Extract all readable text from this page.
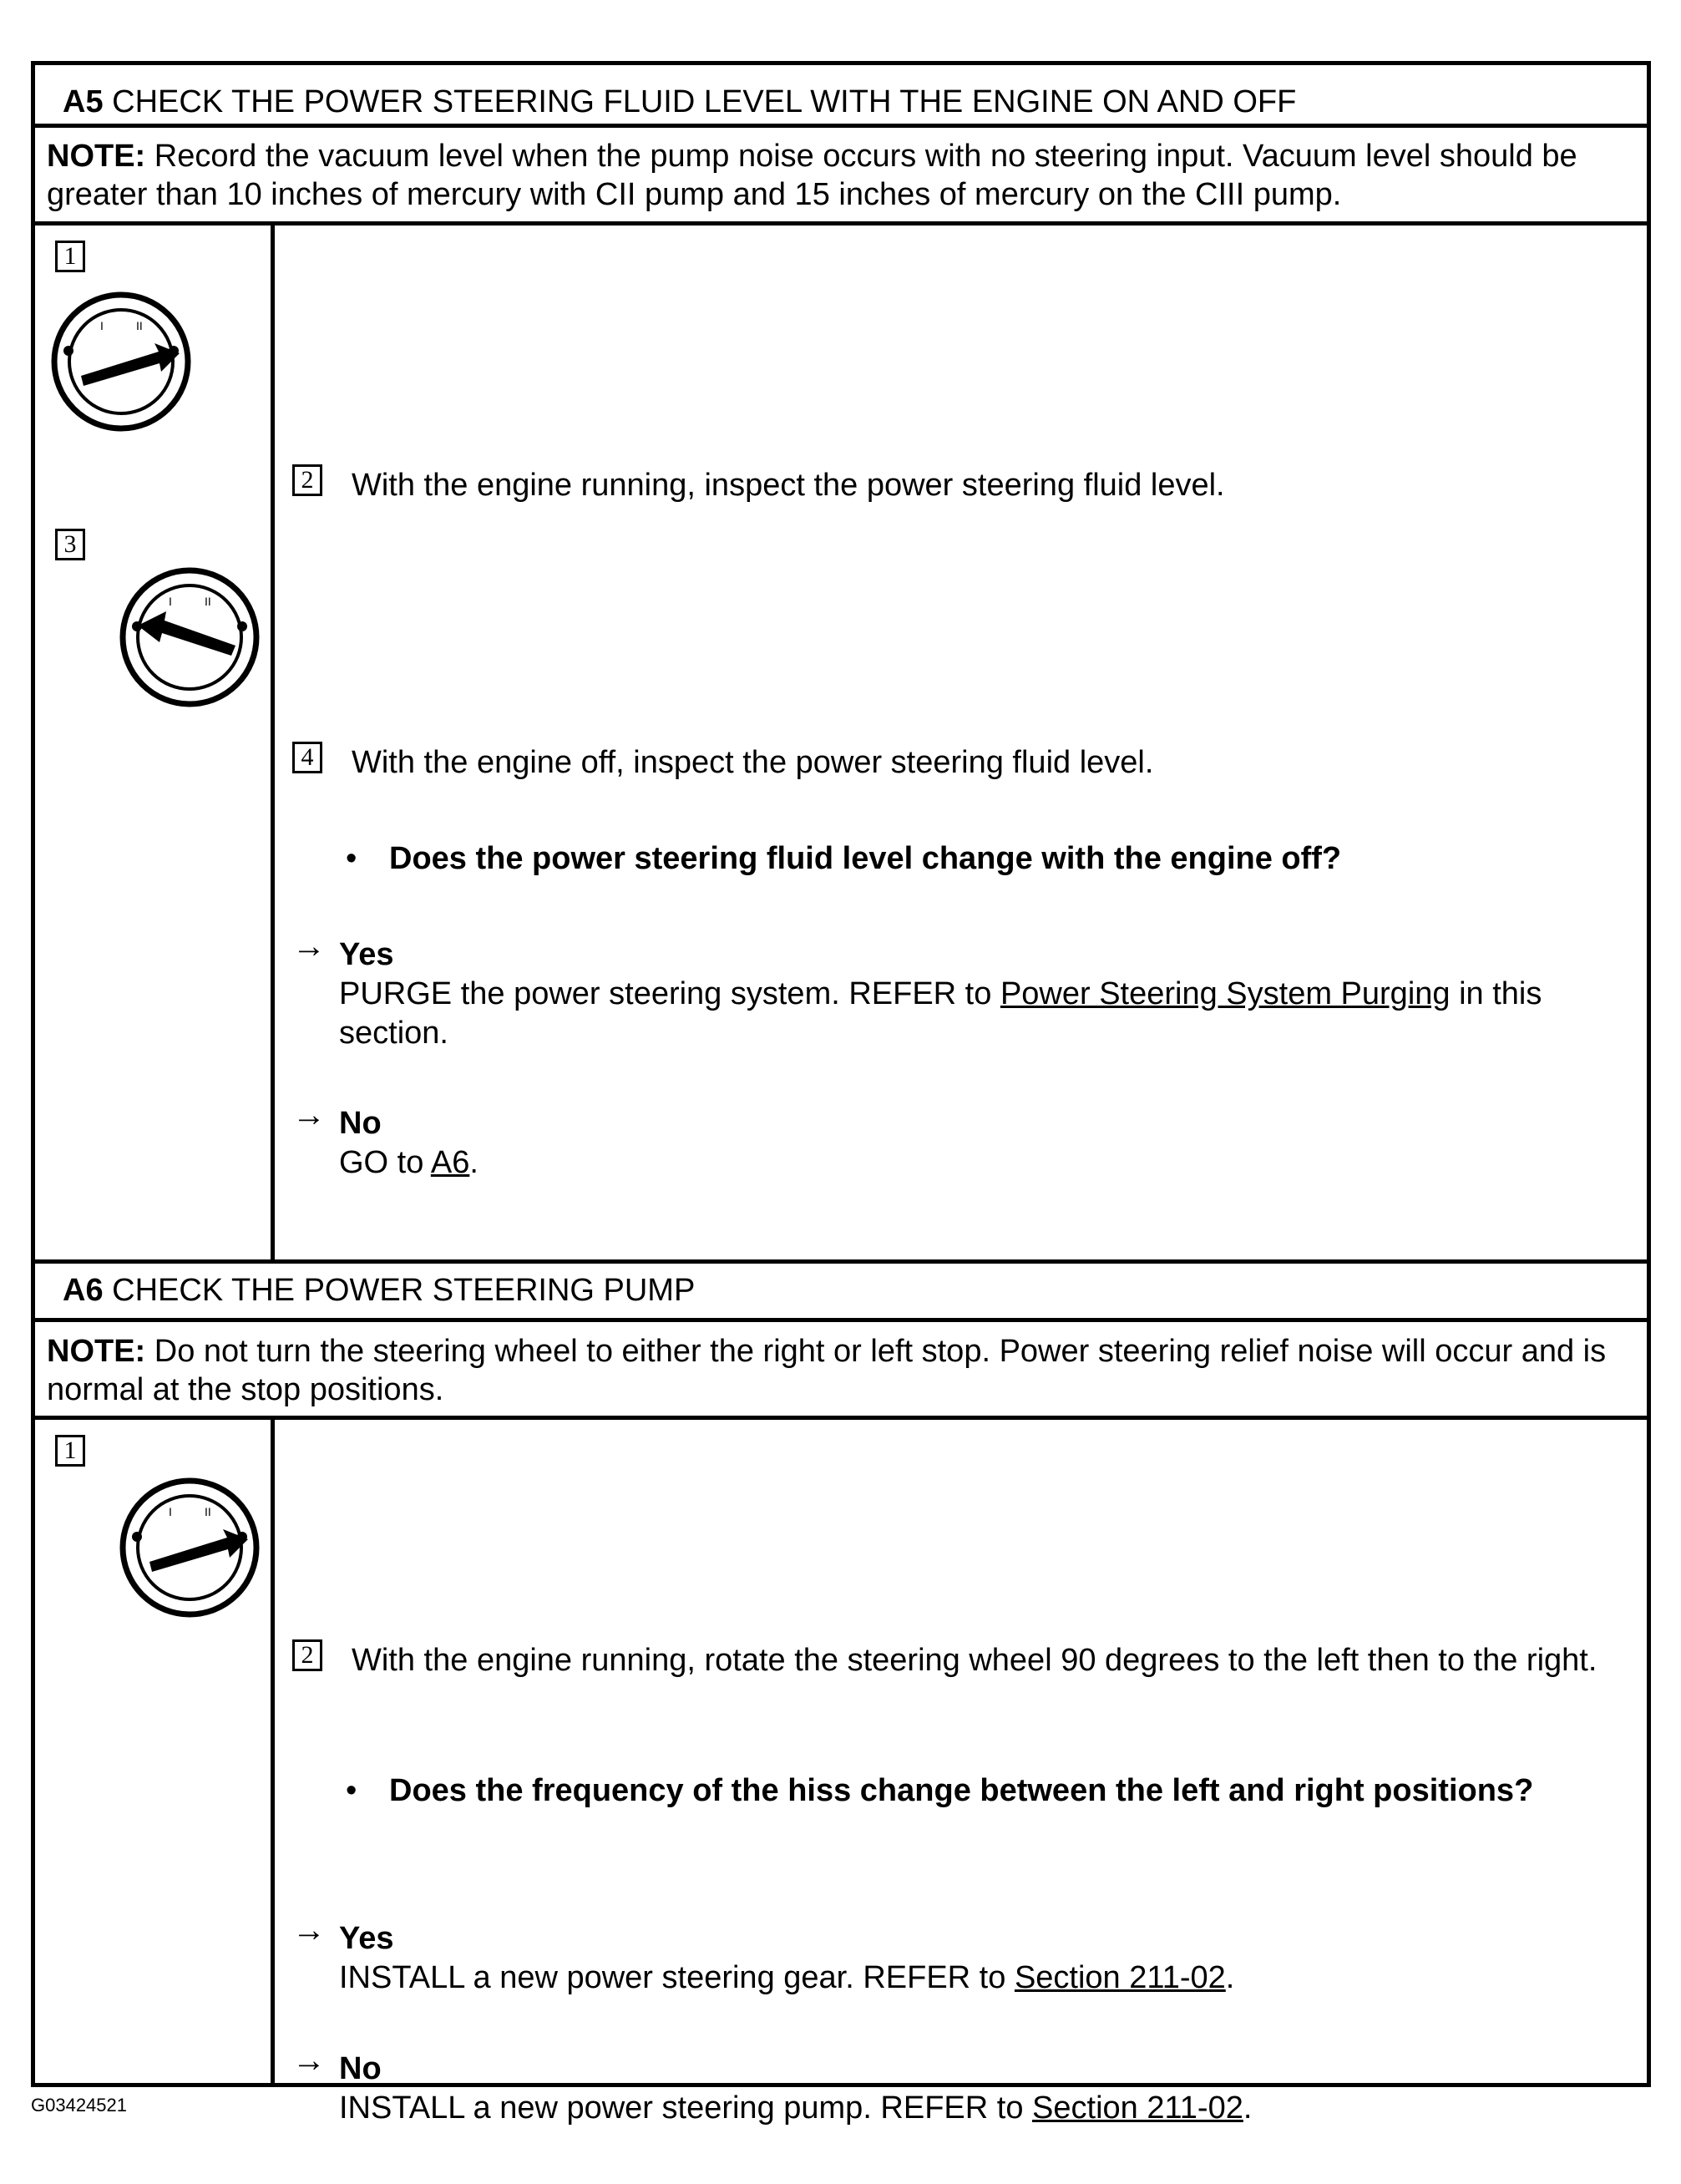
A5 CHECK THE POWER STEERING FLUID LEVEL WITH THE ENGINE ON AND OFF
NOTE: Record the vacuum level when the pump noise occurs with no steering input. Vacuum level should be greater than 10 inches of mercury with CII pump and 15 inches of mercury on the CIII pump.
1
3
2 With the engine running, inspect the power steering fluid level.
4 With the engine off, inspect the power steering fluid level.
• Does the power steering fluid level change with the engine off?
→ Yes
PURGE the power steering system. REFER to Power Steering System Purging in this section.
→ No
GO to A6.
A6 CHECK THE POWER STEERING PUMP
NOTE: Do not turn the steering wheel to either the right or left stop. Power steering relief noise will occur and is normal at the stop positions.
1
2 With the engine running, rotate the steering wheel 90 degrees to the left then to the right.
• Does the frequency of the hiss change between the left and right positions?
→ Yes
INSTALL a new power steering gear. REFER to Section 211-02.
→ No
INSTALL a new power steering pump. REFER to Section 211-02.
G03424521
